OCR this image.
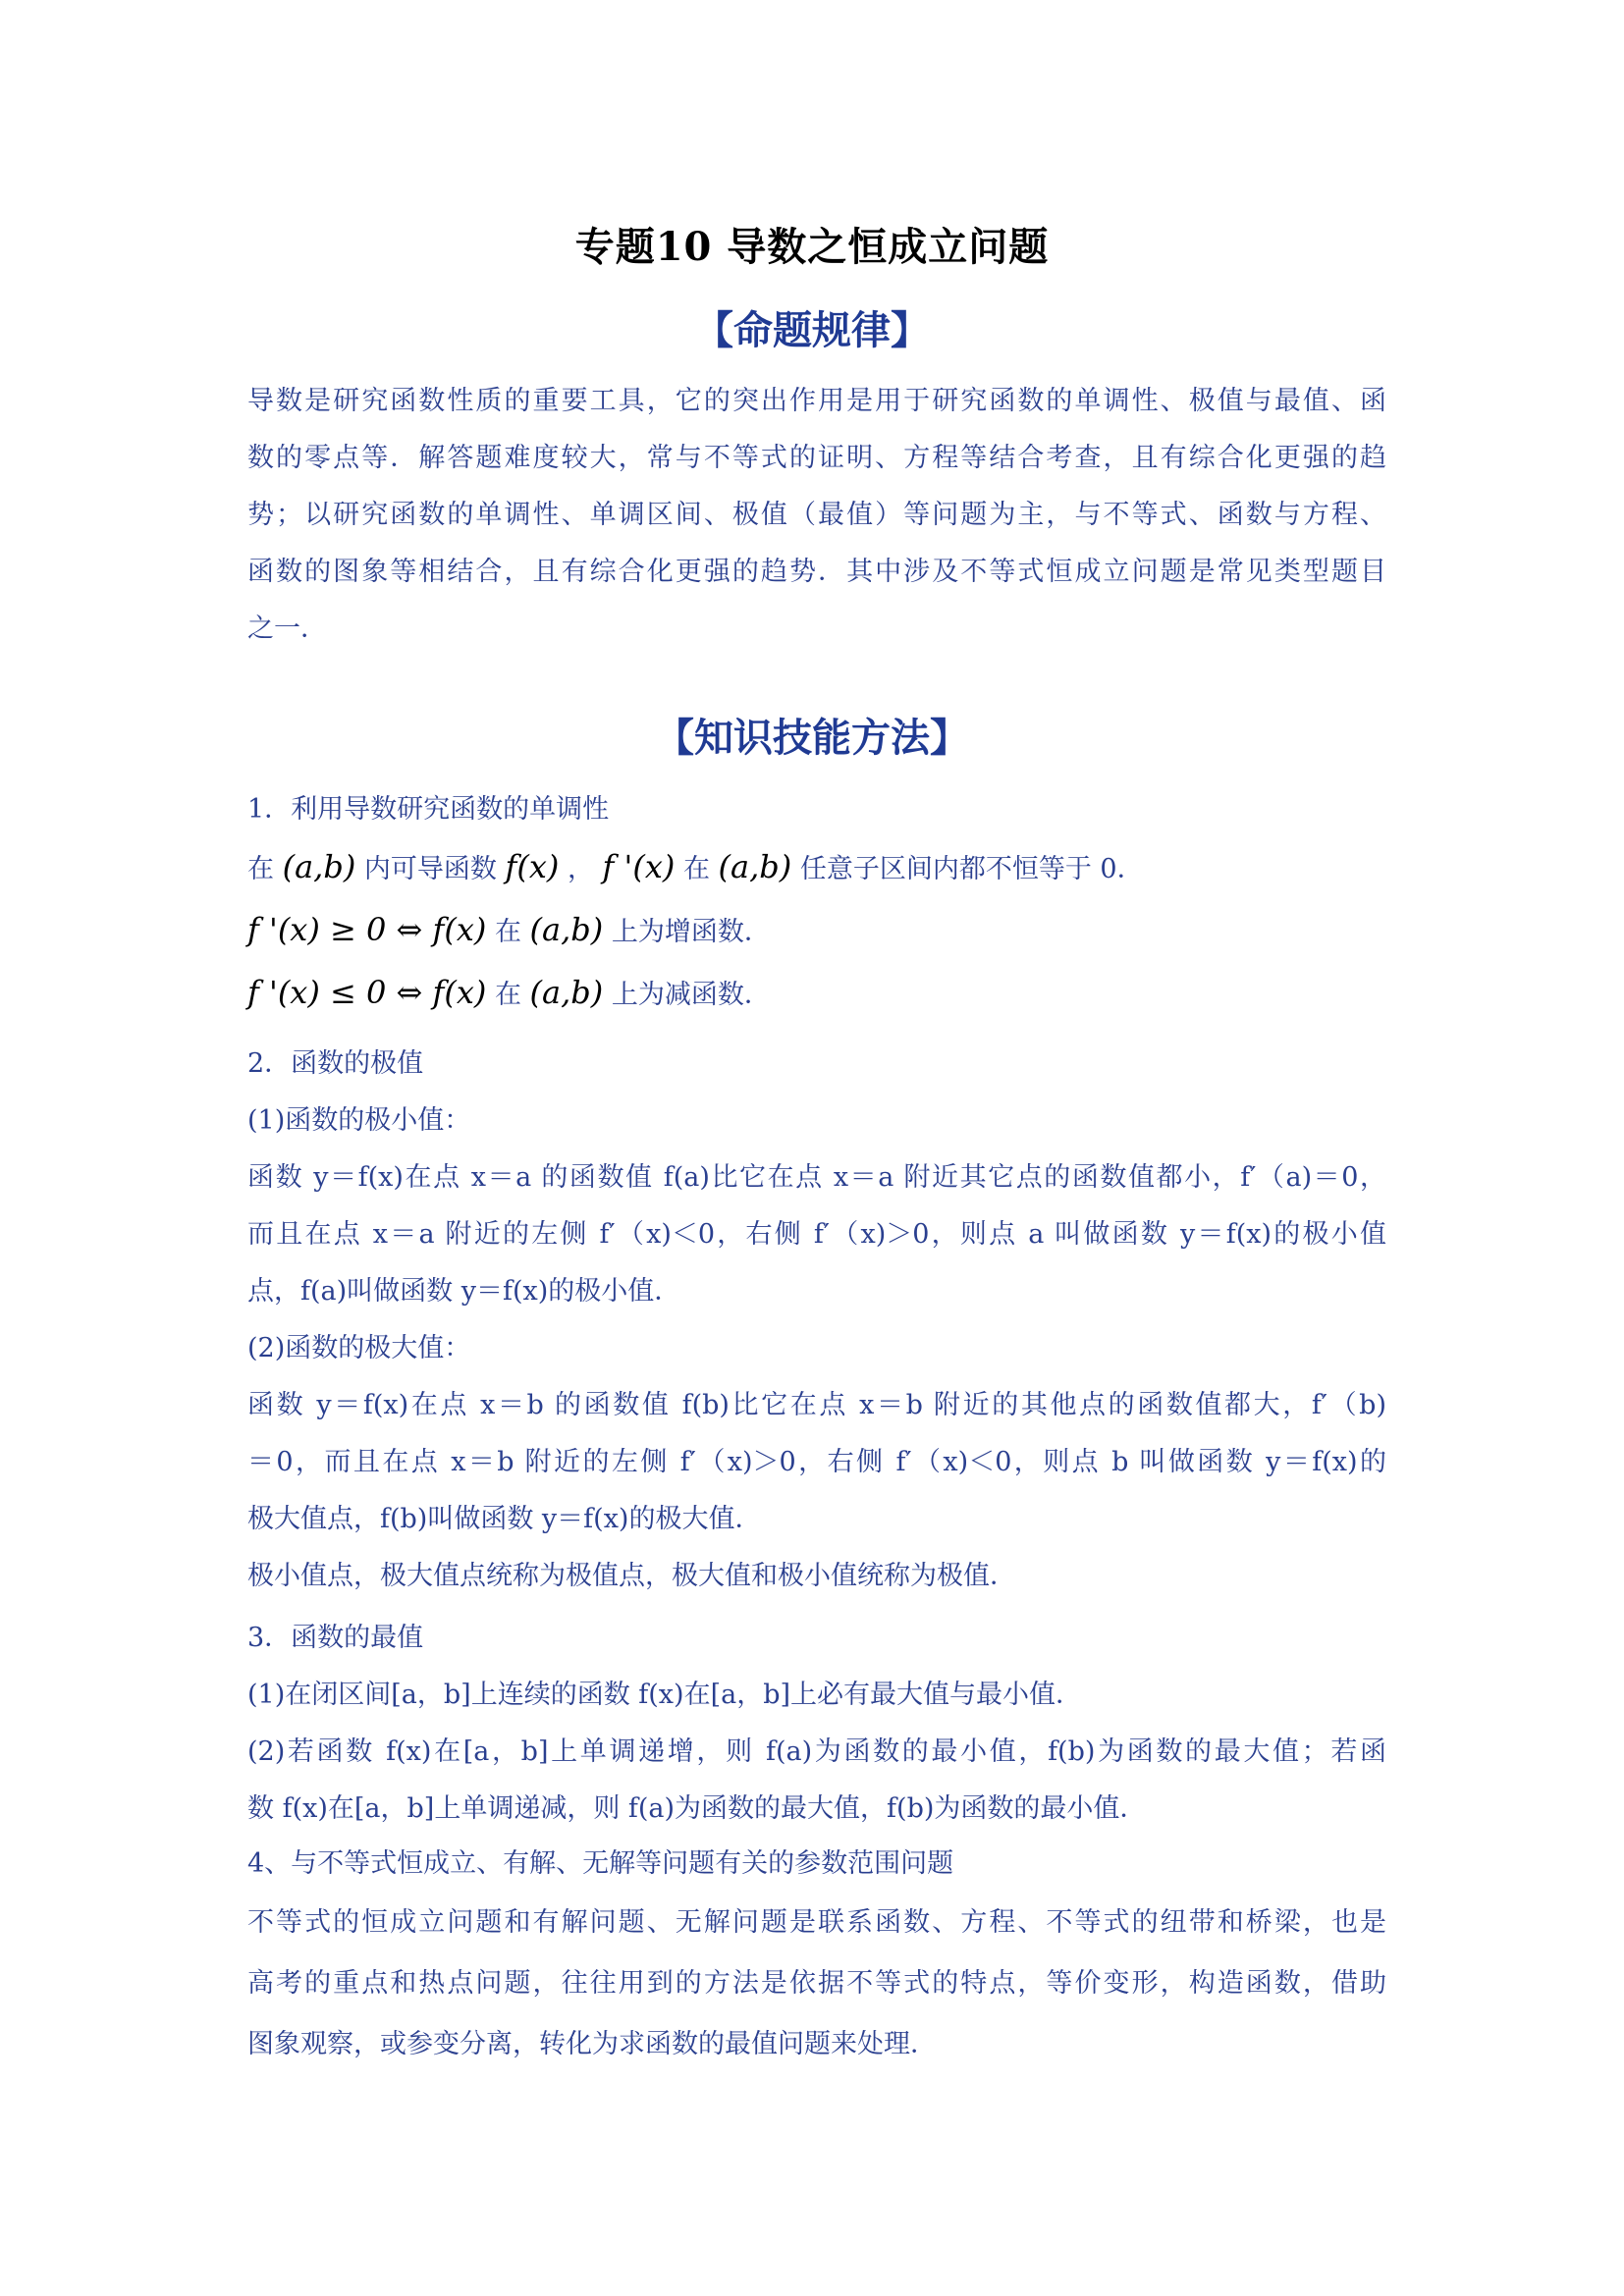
专题10 导数之恒成立问题
【命题规律】
导数是研究函数性质的重要工具，它的突出作用是用于研究函数的单调性、极值与最值、函
数的零点等．解答题难度较大，常与不等式的证明、方程等结合考查，且有综合化更强的趋
势；以研究函数的单调性、单调区间、极值（最值）等问题为主，与不等式、函数与方程、
函数的图象等相结合，且有综合化更强的趋势．其中涉及不等式恒成立问题是常见类型题目
之一．
【知识技能方法】
1．利用导数研究函数的单调性
在 (a,b) 内可导函数 f(x) ， f '(x) 在 (a,b) 任意子区间内都不恒等于 0．
f '(x) ≥ 0 ⇔ f(x) 在 (a,b) 上为增函数．
f '(x) ≤ 0 ⇔ f(x) 在 (a,b) 上为减函数．
2．函数的极值
(1)函数的极小值：
函数 y＝f(x)在点 x＝a 的函数值 f(a)比它在点 x＝a 附近其它点的函数值都小，f′（a)＝0，
而且在点 x＝a 附近的左侧 f′（x)＜0，右侧 f′（x)＞0，则点 a 叫做函数 y＝f(x)的极小值
点，f(a)叫做函数 y＝f(x)的极小值．
(2)函数的极大值：
函数 y＝f(x)在点 x＝b 的函数值 f(b)比它在点 x＝b 附近的其他点的函数值都大，f′（b)
＝0，而且在点 x＝b 附近的左侧 f′（x)＞0，右侧 f′（x)＜0，则点 b 叫做函数 y＝f(x)的
极大值点，f(b)叫做函数 y＝f(x)的极大值．
极小值点，极大值点统称为极值点，极大值和极小值统称为极值．
3．函数的最值
(1)在闭区间[a，b]上连续的函数 f(x)在[a，b]上必有最大值与最小值．
(2)若函数 f(x)在[a，b]上单调递增，则 f(a)为函数的最小值，f(b)为函数的最大值；若函
数 f(x)在[a，b]上单调递减，则 f(a)为函数的最大值，f(b)为函数的最小值．
4、与不等式恒成立、有解、无解等问题有关的参数范围问题
不等式的恒成立问题和有解问题、无解问题是联系函数、方程、不等式的纽带和桥梁，也是
高考的重点和热点问题，往往用到的方法是依据不等式的特点，等价变形，构造函数，借助
图象观察，或参变分离，转化为求函数的最值问题来处理．
